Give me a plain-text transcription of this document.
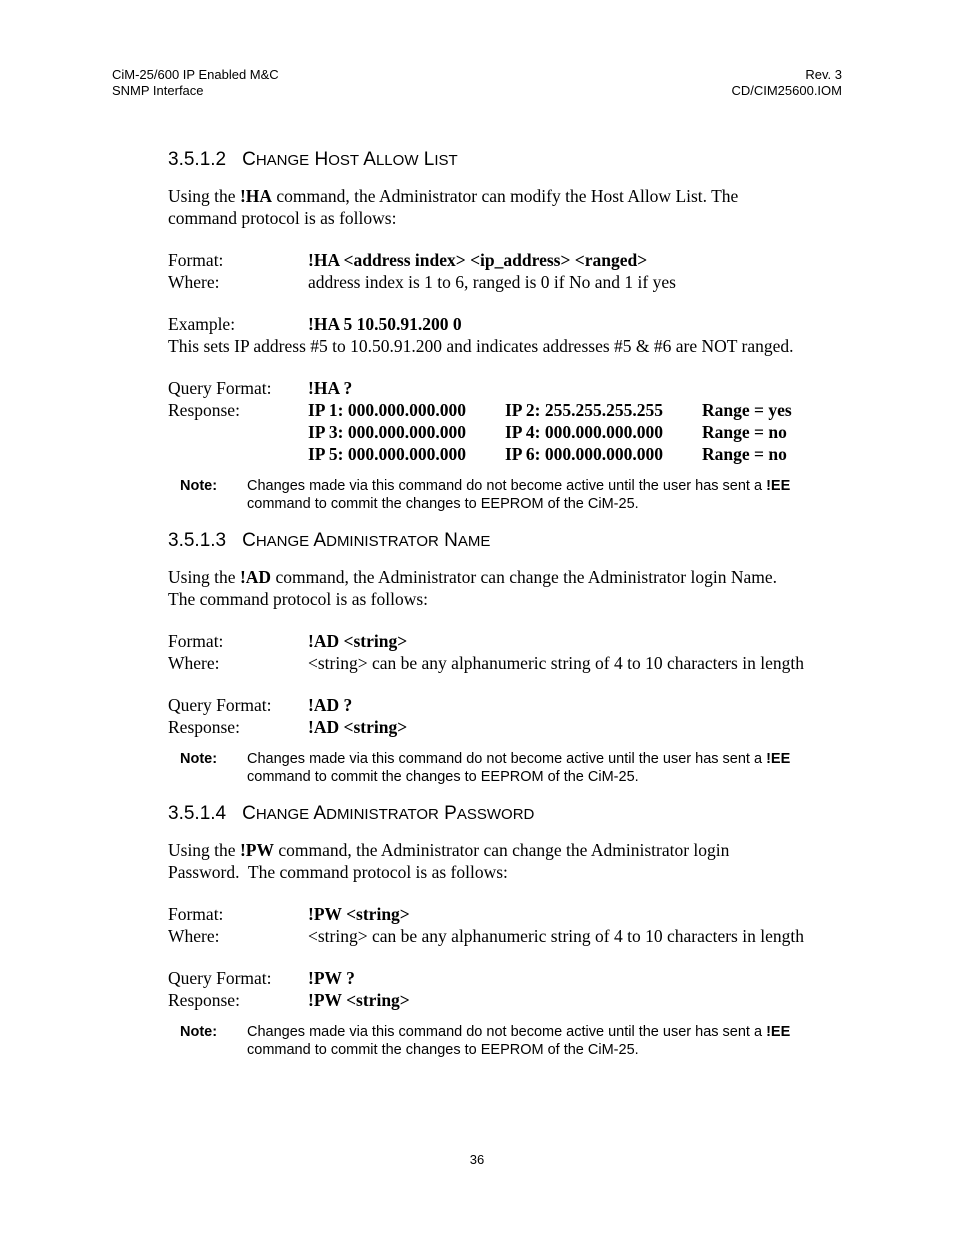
CiM-25/600 IP Enabled M&C
SNMP Interface
Rev. 3
CD/CIM25600.IOM
3.5.1.2 CHANGE HOST ALLOW LIST

Using the !HA command, the Administrator can modify the Host Allow List. The
command protocol is as follows:

Format:	!HA <address index> <ip_address> <ranged>
Where:	address index is 1 to 6, ranged is 0 if No and 1 if yes
Example:	!HA 5 10.50.91.200 0

This sets IP address #5 to 10.50.91.200 and indicates addresses #5 & #6 are NOT ranged.

Query Format:	!HA ?
Response:	IP 1: 000.000.000.000 IP 2: 255.255.255.255 Range = yes
IP 3: 000.000.000.000 IP 4: 000.000.000.000 Range = no
IP 5: 000.000.000.000 IP 6: 000.000.000.000 Range = no
Note:	Changes made via this command do not become active until the user has sent a !EE
command to commit the changes to EEPROM of the CiM-25.
3.5.1.3 CHANGE ADMINISTRATOR NAME

Using the !AD command, the Administrator can change the Administrator login Name.
The command protocol is as follows:

Format:	!AD <string>
Where:	<string> can be any alphanumeric string of 4 to 10 characters in length
Query Format:	!AD ?
Response:	!AD <string>
Note:	Changes made via this command do not become active until the user has sent a !EE
command to commit the changes to EEPROM of the CiM-25.
3.5.1.4 CHANGE ADMINISTRATOR PASSWORD

Using the !PW command, the Administrator can change the Administrator login
Password.  The command protocol is as follows:

Format:	!PW <string>
Where:	<string> can be any alphanumeric string of 4 to 10 characters in length
Query Format:	!PW ?
Response:	!PW <string>
Note:	Changes made via this command do not become active until the user has sent a !EE
command to commit the changes to EEPROM of the CiM-25.
36
